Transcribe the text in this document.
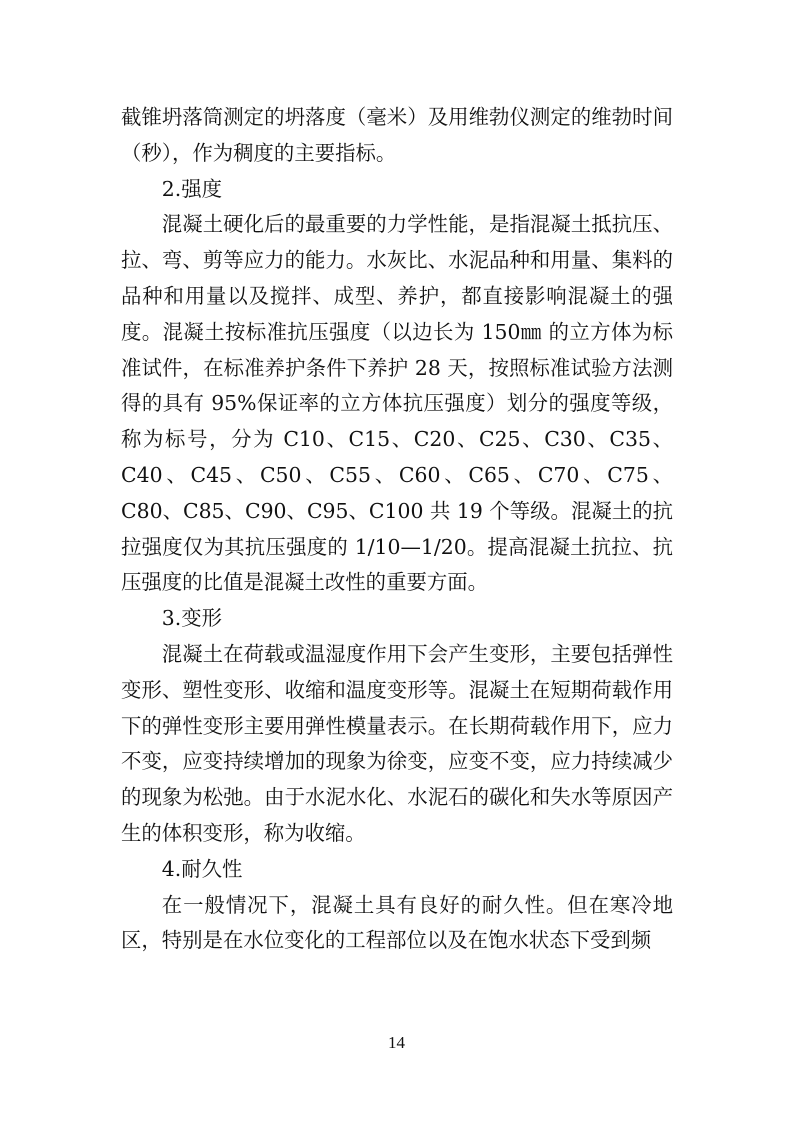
截锥坍落筒测定的坍落度（毫米）及用维勃仪测定的维勃时间（秒），作为稠度的主要指标。

2.强度

混凝土硬化后的最重要的力学性能，是指混凝土抵抗压、拉、弯、剪等应力的能力。水灰比、水泥品种和用量、集料的品种和用量以及搅拌、成型、养护，都直接影响混凝土的强度。混凝土按标准抗压强度（以边长为 150㎜ 的立方体为标准试件，在标准养护条件下养护 28 天，按照标准试验方法测得的具有 95%保证率的立方体抗压强度）划分的强度等级，称为标号，分为 C10、C15、C20、C25、C30、C35、C40、C45、C50、C55、C60、C65、C70、C75、C80、C85、C90、C95、C100 共 19 个等级。混凝土的抗拉强度仅为其抗压强度的 1/10—1/20。提高混凝土抗拉、抗压强度的比值是混凝土改性的重要方面。

3.变形

混凝土在荷载或温湿度作用下会产生变形，主要包括弹性变形、塑性变形、收缩和温度变形等。混凝土在短期荷载作用下的弹性变形主要用弹性模量表示。在长期荷载作用下，应力不变，应变持续增加的现象为徐变，应变不变，应力持续减少的现象为松弛。由于水泥水化、水泥石的碳化和失水等原因产生的体积变形，称为收缩。

4.耐久性

在一般情况下，混凝土具有良好的耐久性。但在寒冷地区，特别是在水位变化的工程部位以及在饱水状态下受到频

14
